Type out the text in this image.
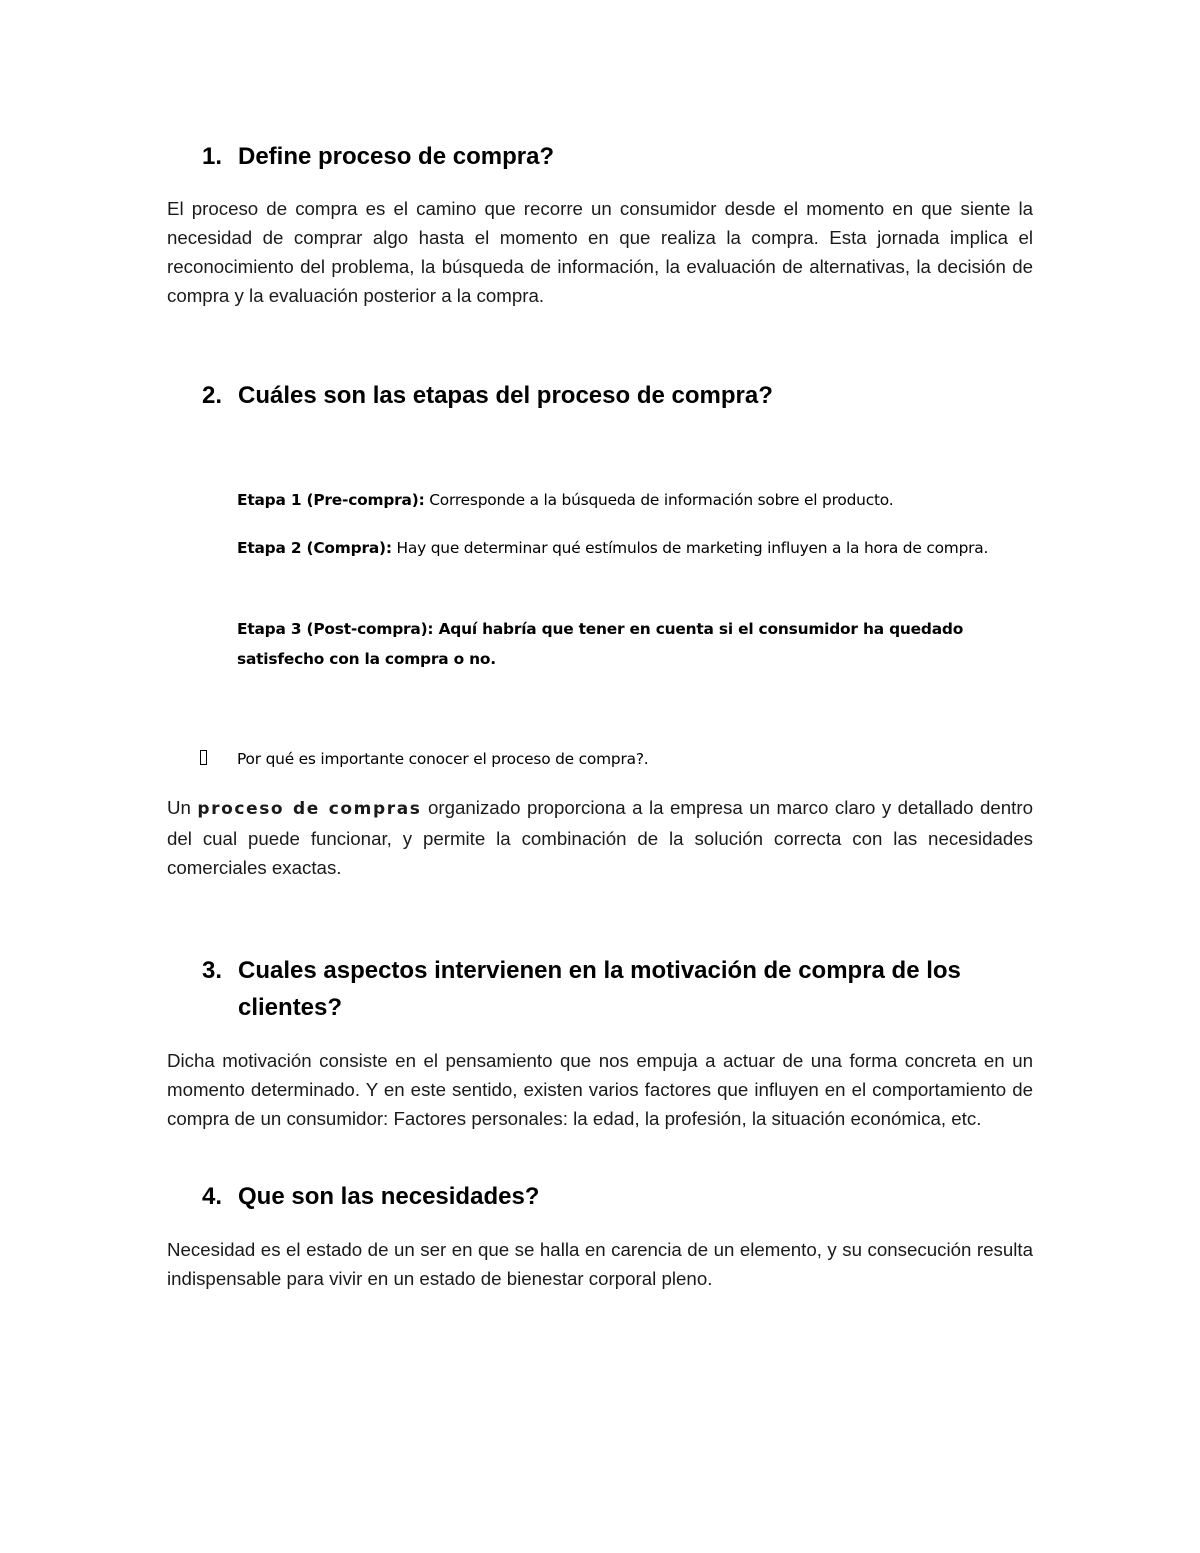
1. Define proceso de compra?

El proceso de compra es el camino que recorre un consumidor desde el momento en que siente la necesidad de comprar algo hasta el momento en que realiza la compra. Esta jornada implica el reconocimiento del problema, la búsqueda de información, la evaluación de alternativas, la decisión de compra y la evaluación posterior a la compra.

2. Cuáles son las etapas del proceso de compra?

Etapa 1 (Pre-compra): Corresponde a la búsqueda de información sobre el producto.

Etapa 2 (Compra): Hay que determinar qué estímulos de marketing influyen a la hora de compra.

Etapa 3 (Post-compra): Aquí habría que tener en cuenta si el consumidor ha quedado satisfecho con la compra o no.

Por qué es importante conocer el proceso de compra?.

Un proceso de compras organizado proporciona a la empresa un marco claro y detallado dentro del cual puede funcionar, y permite la combinación de la solución correcta con las necesidades comerciales exactas.

3. Cuales aspectos intervienen en la motivación de compra de los clientes?

Dicha motivación consiste en el pensamiento que nos empuja a actuar de una forma concreta en un momento determinado. Y en este sentido, existen varios factores que influyen en el comportamiento de compra de un consumidor: Factores personales: la edad, la profesión, la situación económica, etc.

4. Que son las necesidades?

Necesidad es el estado de un ser en que se halla en carencia de un elemento, y su consecución resulta indispensable para vivir en un estado de bienestar corporal pleno.
